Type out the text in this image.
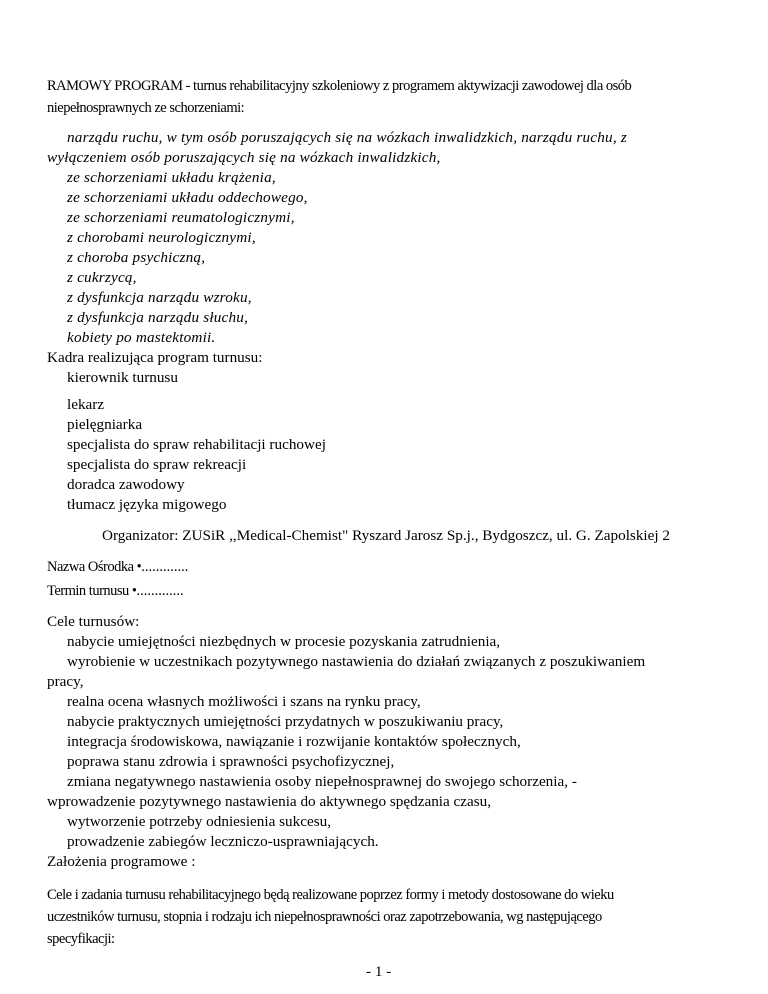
RAMOWY PROGRAM - turnus rehabilitacyjny szkoleniowy z programem aktywizacji zawodowej dla osób
niepełnosprawnych ze schorzeniami:
narządu ruchu, w tym osób poruszających się na wózkach inwalidzkich, narządu ruchu, z
wyłączeniem osób poruszających się na wózkach inwalidzkich,
ze schorzeniami układu krążenia,
ze schorzeniami układu oddechowego,
ze schorzeniami reumatologicznymi,
z chorobami neurologicznymi,
z choroba psychiczną,
z cukrzycą,
z dysfunkcja narządu wzroku,
z dysfunkcja narządu słuchu,
kobiety po mastektomii.
Kadra realizująca program turnusu:
kierownik turnusu
lekarz
pielęgniarka
specjalista do spraw rehabilitacji ruchowej
specjalista do spraw rekreacji
doradca zawodowy
tłumacz języka migowego
Organizator: ZUSiR ,,Medical-Chemist" Ryszard Jarosz Sp.j., Bydgoszcz, ul. G. Zapolskiej 2
Nazwa Ośrodka •.............
Termin turnusu •.............
Cele turnusów:
nabycie umiejętności niezbędnych w procesie pozyskania zatrudnienia,
wyrobienie w uczestnikach pozytywnego nastawienia do działań związanych z poszukiwaniem
pracy,
realna ocena własnych możliwości i szans na rynku pracy,
nabycie praktycznych umiejętności przydatnych w poszukiwaniu pracy,
integracja środowiskowa, nawiązanie i rozwijanie kontaktów społecznych,
poprawa stanu zdrowia i sprawności psychofizycznej,
zmiana negatywnego nastawienia osoby niepełnosprawnej do swojego schorzenia, -
wprowadzenie pozytywnego nastawienia do aktywnego spędzania czasu,
wytworzenie potrzeby odniesienia sukcesu,
prowadzenie zabiegów leczniczo-usprawniających.
Założenia programowe :
Cele i zadania turnusu rehabilitacyjnego będą realizowane poprzez formy i metody dostosowane do wieku
uczestników turnusu, stopnia i rodzaju ich niepełnosprawności oraz zapotrzebowania, wg następującego
specyfikacji:
- 1 -
